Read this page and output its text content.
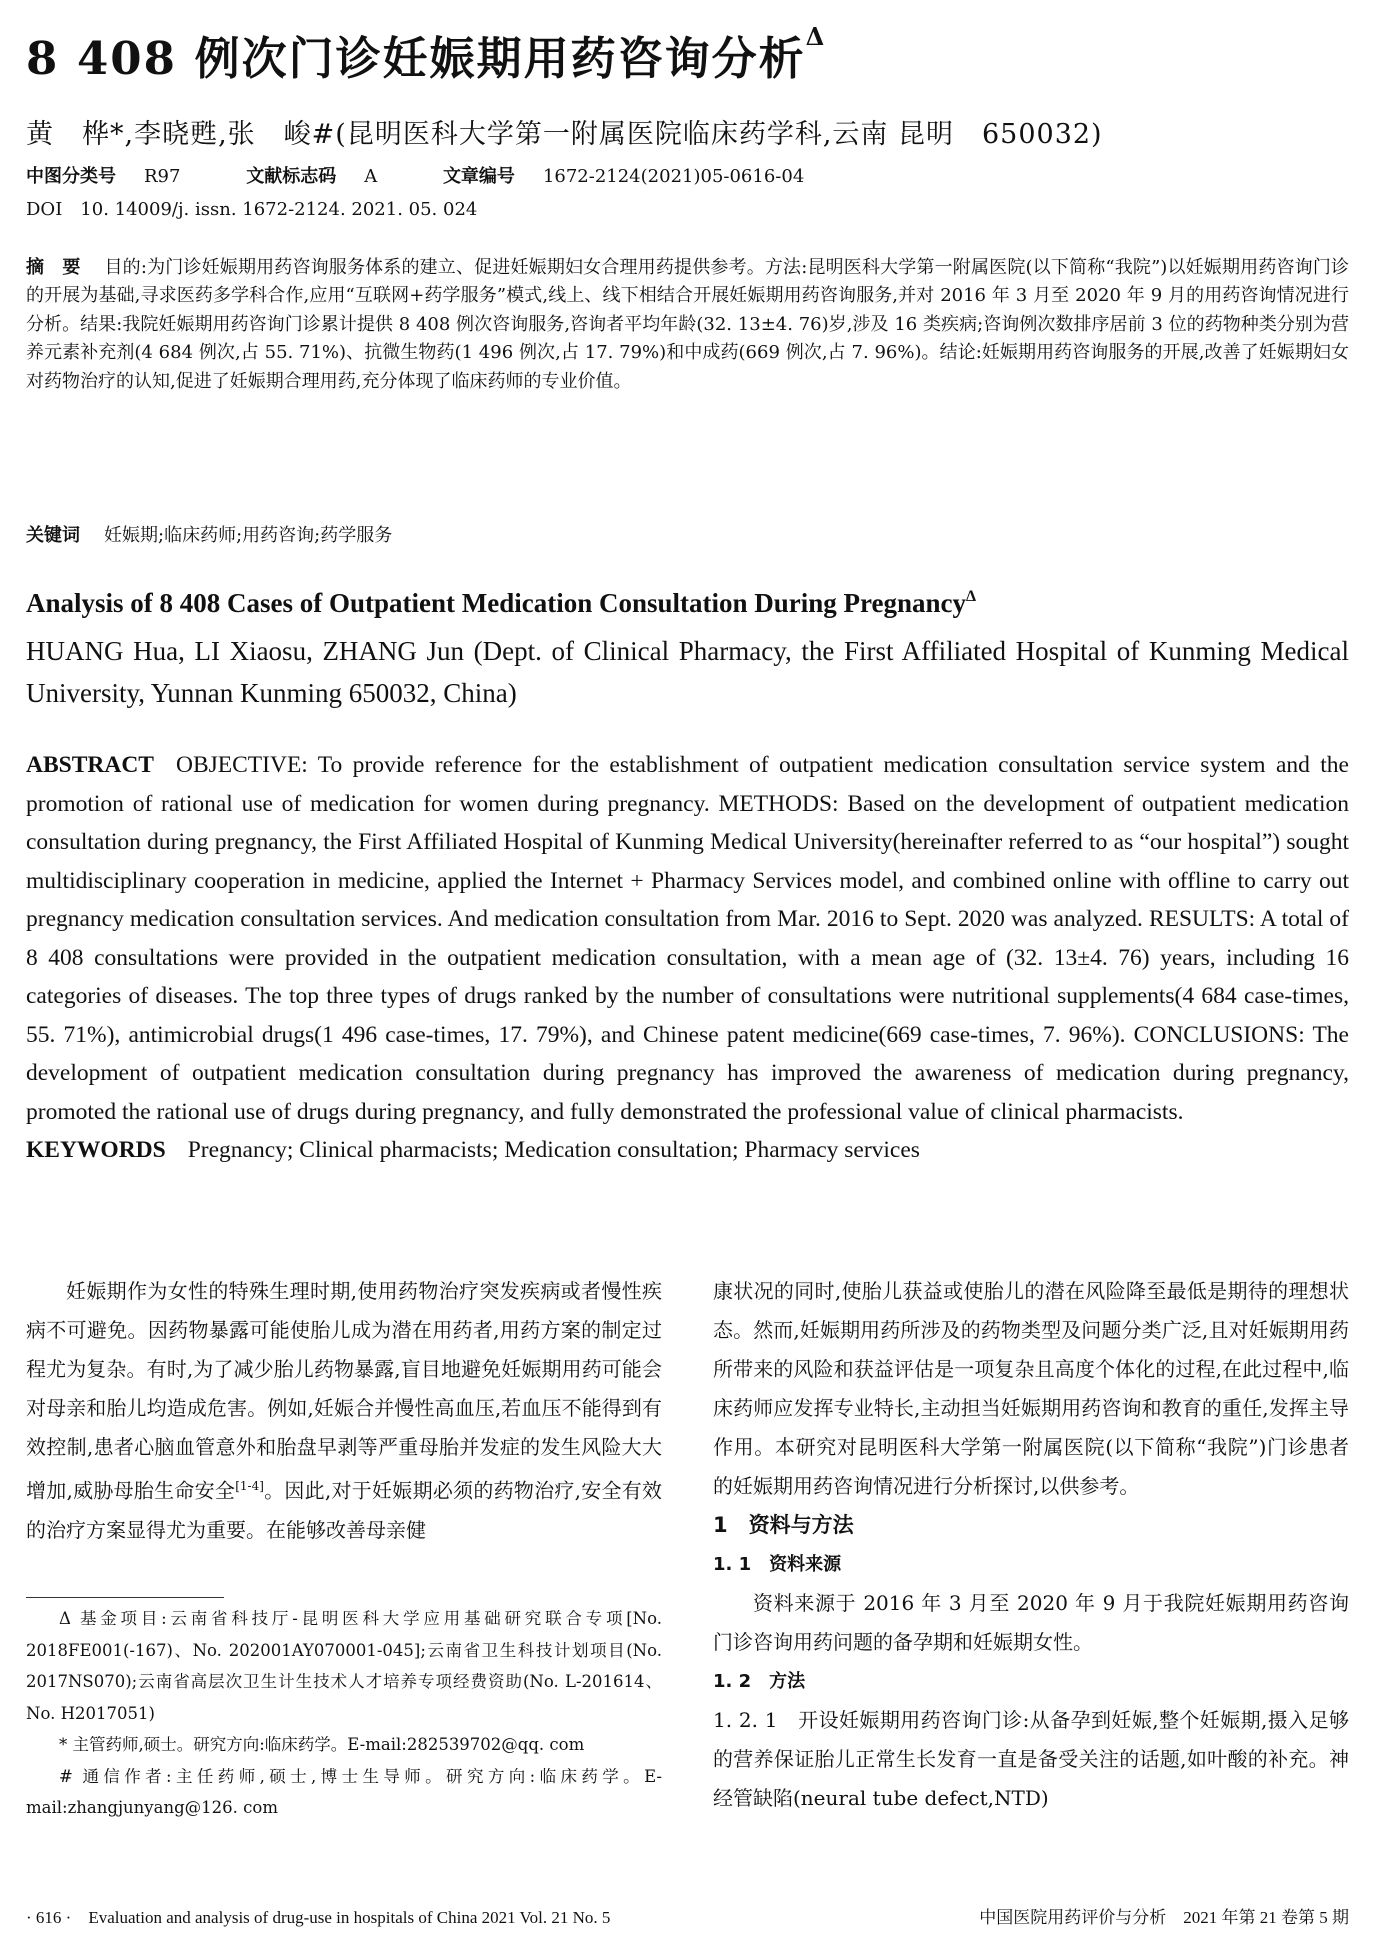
8 408 例次门诊妊娠期用药咨询分析$^\Delta$
黄　桦*,李晓甦,张　峻#(昆明医科大学第一附属医院临床药学科,云南 昆明　650032)
中图分类号 R97	文献标志码 A	文章编号 1672-2124(2021)05-0616-04
DOI　10. 14009/j. issn. 1672-2124. 2021. 05. 024
摘　要 目的:为门诊妊娠期用药咨询服务体系的建立、促进妊娠期妇女合理用药提供参考。方法:昆明医科大学第一附属医院(以下简称“我院”)以妊娠期用药咨询门诊的开展为基础,寻求医药多学科合作,应用“互联网+药学服务”模式,线上、线下相结合开展妊娠期用药咨询服务,并对 2016 年 3 月至 2020 年 9 月的用药咨询情况进行分析。结果:我院妊娠期用药咨询门诊累计提供 8 408 例次咨询服务,咨询者平均年龄(32. 13±4. 76)岁,涉及 16 类疾病;咨询例次数排序居前 3 位的药物种类分别为营养元素补充剂(4 684 例次,占 55. 71%)、抗微生物药(1 496 例次,占 17. 79%)和中成药(669 例次,占 7. 96%)。结论:妊娠期用药咨询服务的开展,改善了妊娠期妇女对药物治疗的认知,促进了妊娠期合理用药,充分体现了临床药师的专业价值。
关键词 妊娠期;临床药师;用药咨询;药学服务
Analysis of 8 408 Cases of Outpatient Medication Consultation During Pregnancy$^\Delta$
HUANG Hua, LI Xiaosu, ZHANG Jun (Dept. of Clinical Pharmacy, the First Affiliated Hospital of Kunming Medical University, Yunnan Kunming 650032, China)
ABSTRACT OBJECTIVE: To provide reference for the establishment of outpatient medication consultation service system and the promotion of rational use of medication for women during pregnancy. METHODS: Based on the development of outpatient medication consultation during pregnancy, the First Affiliated Hospital of Kunming Medical University(hereinafter referred to as “our hospital”) sought multidisciplinary cooperation in medicine, applied the Internet + Pharmacy Services model, and combined online with offline to carry out pregnancy medication consultation services. And medication consultation from Mar. 2016 to Sept. 2020 was analyzed. RESULTS: A total of 8 408 consultations were provided in the outpatient medication consultation, with a mean age of (32. 13±4. 76) years, including 16 categories of diseases. The top three types of drugs ranked by the number of consultations were nutritional supplements(4 684 case-times, 55. 71%), antimicrobial drugs(1 496 case-times, 17. 79%), and Chinese patent medicine(669 case-times, 7. 96%). CONCLUSIONS: The development of outpatient medication consultation during pregnancy has improved the awareness of medication during pregnancy, promoted the rational use of drugs during pregnancy, and fully demonstrated the professional value of clinical pharmacists.
KEYWORDS Pregnancy; Clinical pharmacists; Medication consultation; Pharmacy services

妊娠期作为女性的特殊生理时期,使用药物治疗突发疾病或者慢性疾病不可避免。因药物暴露可能使胎儿成为潜在用药者,用药方案的制定过程尤为复杂。有时,为了减少胎儿药物暴露,盲目地避免妊娠期用药可能会对母亲和胎儿均造成危害。例如,妊娠合并慢性高血压,若血压不能得到有效控制,患者心脑血管意外和胎盘早剥等严重母胎并发症的发生风险大大增加,威胁母胎生命安全[1-4]。因此,对于妊娠期必须的药物治疗,安全有效的治疗方案显得尤为重要。在能够改善母亲健

Δ 基金项目:云南省科技厅-昆明医科大学应用基础研究联合专项[No. 2018FE001(-167)、No. 202001AY070001-045];云南省卫生科技计划项目(No. 2017NS070);云南省高层次卫生计生技术人才培养专项经费资助(No. L-201614、No. H2017051)

* 主管药师,硕士。研究方向:临床药学。E-mail:282539702@qq. com

# 通信作者:主任药师,硕士,博士生导师。研究方向:临床药学。E-mail:zhangjunyang@126. com

康状况的同时,使胎儿获益或使胎儿的潜在风险降至最低是期待的理想状态。然而,妊娠期用药所涉及的药物类型及问题分类广泛,且对妊娠期用药所带来的风险和获益评估是一项复杂且高度个体化的过程,在此过程中,临床药师应发挥专业特长,主动担当妊娠期用药咨询和教育的重任,发挥主导作用。本研究对昆明医科大学第一附属医院(以下简称“我院”)门诊患者的妊娠期用药咨询情况进行分析探讨,以供参考。

1　资料与方法

1. 1　资料来源

资料来源于 2016 年 3 月至 2020 年 9 月于我院妊娠期用药咨询门诊咨询用药问题的备孕期和妊娠期女性。

1. 2　方法

1. 2. 1　开设妊娠期用药咨询门诊:从备孕到妊娠,整个妊娠期,摄入足够的营养保证胎儿正常生长发育一直是备受关注的话题,如叶酸的补充。神经管缺陷(neural tube defect,NTD)

· 616 ·　Evaluation and analysis of drug-use in hospitals of China 2021 Vol. 21 No. 5	中国医院用药评价与分析　2021 年第 21 卷第 5 期
